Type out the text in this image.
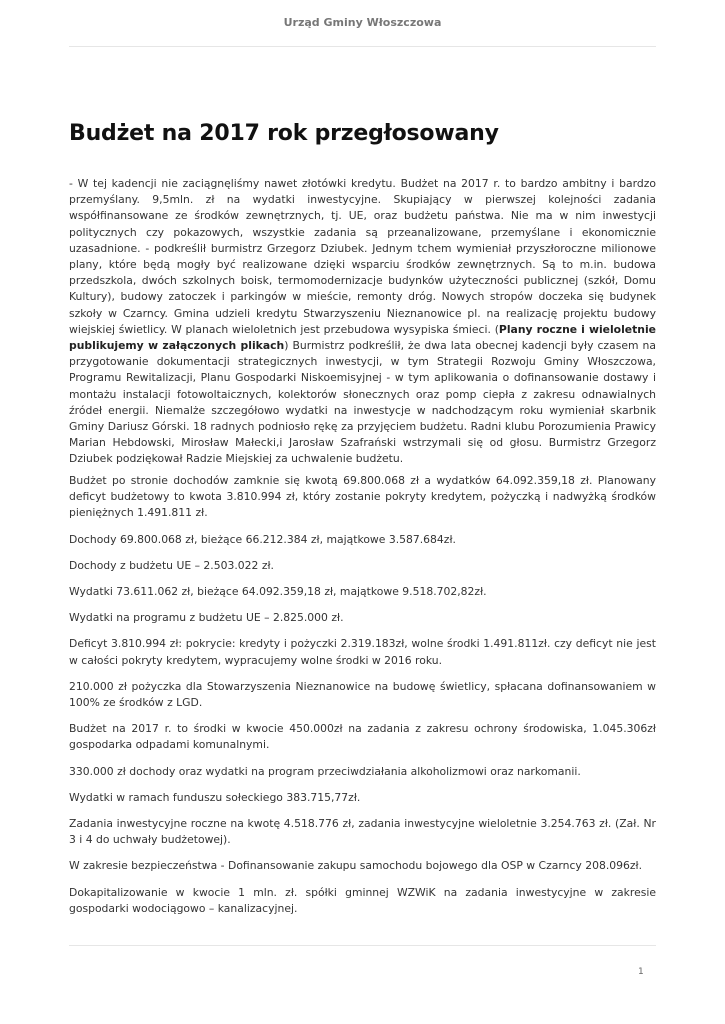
Urząd Gminy Włoszczowa
Budżet na 2017 rok przegłosowany
- W tej kadencji nie zaciągnęliśmy nawet złotówki kredytu. Budżet na 2017 r. to bardzo ambitny i bardzo przemyślany. 9,5mln. zł na wydatki inwestycyjne. Skupiający w pierwszej kolejności zadania współfinansowane ze środków zewnętrznych, tj. UE, oraz budżetu państwa. Nie ma w nim inwestycji politycznych czy pokazowych, wszystkie zadania są przeanalizowane, przemyślane i ekonomicznie uzasadnione. - podkreślił burmistrz Grzegorz Dziubek. Jednym tchem wymieniał przyszłoroczne milionowe plany, które będą mogły być realizowane dzięki wsparciu środków zewnętrznych. Są to m.in. budowa przedszkola, dwóch szkolnych boisk, termomodernizacje budynków użyteczności publicznej (szkół, Domu Kultury), budowy zatoczek i parkingów w mieście, remonty dróg. Nowych stropów doczeka się budynek szkoły w Czarncy. Gmina udzieli kredytu Stwarzyszeniu Nieznanowice pl. na realizację projektu budowy wiejskiej świetlicy. W planach wieloletnich jest przebudowa wysypiska śmieci. (Plany roczne i wieloletnie publikujemy w załączonych plikach) Burmistrz podkreślił, że dwa lata obecnej kadencji były czasem na przygotowanie dokumentacji strategicznych inwestycji, w tym Strategii Rozwoju Gminy Włoszczowa, Programu Rewitalizacji, Planu Gospodarki Niskoemisyjnej - w tym aplikowania o dofinansowanie dostawy i montażu instalacji fotowoltaicznych, kolektorów słonecznych oraz pomp ciepła z zakresu odnawialnych źródeł energii. Niemalże szczegółowo wydatki na inwestycje w nadchodzącym roku wymieniał skarbnik Gminy Dariusz Górski. 18 radnych podniosło rękę za przyjęciem budżetu. Radni klubu Porozumienia Prawicy Marian Hebdowski, Mirosław Małecki,i Jarosław Szafrański wstrzymali się od głosu. Burmistrz Grzegorz Dziubek podziękował Radzie Miejskiej za uchwalenie budżetu.

Budżet po stronie dochodów zamknie się kwotą 69.800.068 zł a wydatków 64.092.359,18 zł. Planowany deficyt budżetowy to kwota 3.810.994 zł, który zostanie pokryty kredytem, pożyczką i nadwyżką środków pieniężnych 1.491.811 zł.

Dochody 69.800.068 zł, bieżące 66.212.384 zł, majątkowe 3.587.684zł.

Dochody z budżetu UE – 2.503.022 zł.

Wydatki 73.611.062 zł, bieżące 64.092.359,18 zł, majątkowe 9.518.702,82zł.

Wydatki na programu z budżetu UE – 2.825.000 zł.

Deficyt 3.810.994 zł: pokrycie: kredyty i pożyczki 2.319.183zł, wolne środki 1.491.811zł. czy deficyt nie jest w całości pokryty kredytem, wypracujemy wolne środki w 2016 roku.

210.000 zł pożyczka dla Stowarzyszenia Nieznanowice na budowę świetlicy, spłacana dofinansowaniem w 100% ze środków z LGD.

Budżet na 2017 r. to środki w kwocie 450.000zł na zadania z zakresu ochrony środowiska, 1.045.306zł gospodarka odpadami komunalnymi.

330.000 zł dochody oraz wydatki na program przeciwdziałania alkoholizmowi oraz narkomanii.

Wydatki w ramach funduszu sołeckiego 383.715,77zł.

Zadania inwestycyjne roczne na kwotę 4.518.776 zł, zadania inwestycyjne wieloletnie 3.254.763 zł. (Zał. Nr 3 i 4 do uchwały budżetowej).

W zakresie bezpieczeństwa - Dofinansowanie zakupu samochodu bojowego dla OSP w Czarncy 208.096zł.

Dokapitalizowanie w kwocie 1 mln. zł. spółki gminnej WZWiK na zadania inwestycyjne w zakresie gospodarki wodociągowo – kanalizacyjnej.

1
